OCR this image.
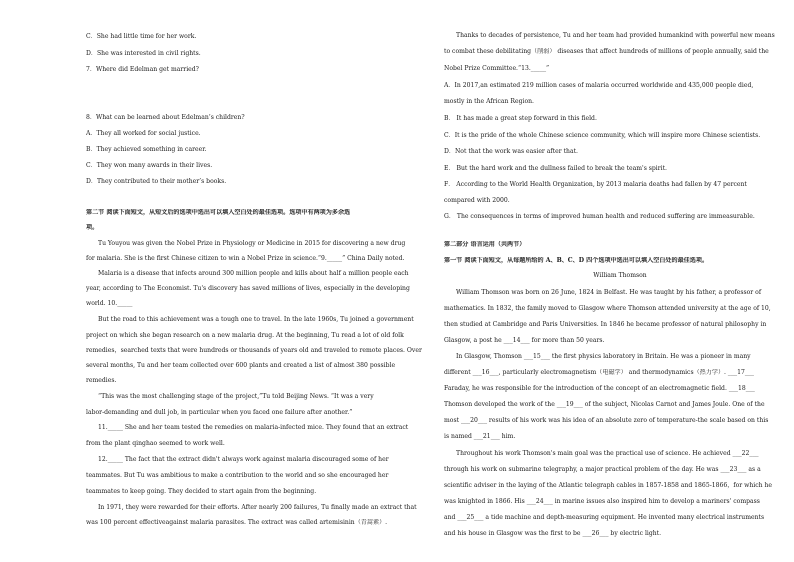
C．She had little time for her work.
D．She was interested in civil rights.
7．Where did Edelman get married?
8．What can be learned about Edelman’s children?
A．They all worked for social justice.
B．They achieved something in career.
C．They won many awards in their lives.
D．They contributed to their mother’s books.
第二节 阅读下面短文，从短文后的选项中选出可以填入空白处的最佳选项。选项中有两项为多余选
项。
Tu Youyou was given the Nobel Prize in Physiology or Medicine in 2015 for discovering a new drug
for malaria. She is the first Chinese citizen to win a Nobel Prize in science.“9._____” China Daily noted.
Malaria is a disease that infects around 300 million people and kills about half a million people each
year, according to The Economist. Tu's discovery has saved millions of lives, especially in the developing
world. 10._____
But the road to this achievement was a tough one to travel. In the late 1960s, Tu joined a government
project on which she began research on a new malaria drug. At the beginning, Tu read a lot of old folk
remedies，searched texts that were hundreds or thousands of years old and traveled to remote places. Over
several months, Tu and her team collected over 600 plants and created a list of almost 380 possible
remedies.
“This was the most challenging stage of the project,”Tu told Beijing News. “It was a very
labor-demanding and dull job, in particular when you faced one failure after another.”
11._____ She and her team tested the remedies on malaria-infected mice. They found that an extract
from the plant qinghao seemed to work well.
12._____ The fact that the extract didn't always work against malaria discouraged some of her
teammates. But Tu was ambitious to make a contribution to the world and so she encouraged her
teammates to keep going. They decided to start again from the beginning.
In 1971, they were rewarded for their efforts. After nearly 200 failures, Tu finally made an extract that
was 100 percent effectiveagainst malaria parasites. The extract was called artemisinin（青蒿素）.
Thanks to decades of persistence, Tu and her team had provided humankind with powerful new means
to combat these debilitating（削弱） diseases that affect hundreds of millions of people annually, said the
Nobel Prize Committee.“13._____”
A．In 2017,an estimated 219 million cases of malaria occurred worldwide and 435,000 people died,
mostly in the African Region.
B． It has made a great step forward in this field.
C．It is the pride of the whole Chinese science community, which will inspire more Chinese scientists.
D．Not that the work was easier after that.
E． But the hard work and the dullness failed to break the team's spirit.
F． According to the World Health Organization, by 2013 malaria deaths had fallen by 47 percent
compared with 2000.
G． The consequences in terms of improved human health and reduced suffering are immeasurable.
第二部分 语言运用（共两节）
第一节 阅读下面短文，从每题所给的 A、B、C、D 四个选项中选出可以填入空白处的最佳选项。
William Thomson
William Thomson was born on 26 June, 1824 in Belfast. He was taught by his father, a professor of
mathematics. In 1832, the family moved to Glasgow where Thomson attended university at the age of 10,
then studied at Cambridge and Paris Universities. In 1846 he became professor of natural philosophy in
Glasgow, a post he ___14___ for more than 50 years.
In Glasgow, Thomson ___15___ the first physics laboratory in Britain. He was a pioneer in many
different ___16___, particularly electromagnetism（电磁学） and thermodynamics（热力学）. ___17___
Faraday, he was responsible for the introduction of the concept of an electromagnetic field. ___18___
Thomson developed the work of the ___19___ of the subject, Nicolas Carnot and James Joule. One of the
most ___20___ results of his work was his idea of an absolute zero of temperature-the scale based on this
is named ___21___ him.
Throughout his work Thomson's main goal was the practical use of science. He achieved ___22___
through his work on submarine telegraphy, a major practical problem of the day. He was ___23___ as a
scientific adviser in the laying of the Atlantic telegraph cables in 1857-1858 and 1865-1866，for which he
was knighted in 1866. His ___24___ in marine issues also inspired him to develop a mariners' compass
and ___25___ a tide machine and depth-measuring equipment. He invented many electrical instruments
and his house in Glasgow was the first to be ___26___ by electric light.
